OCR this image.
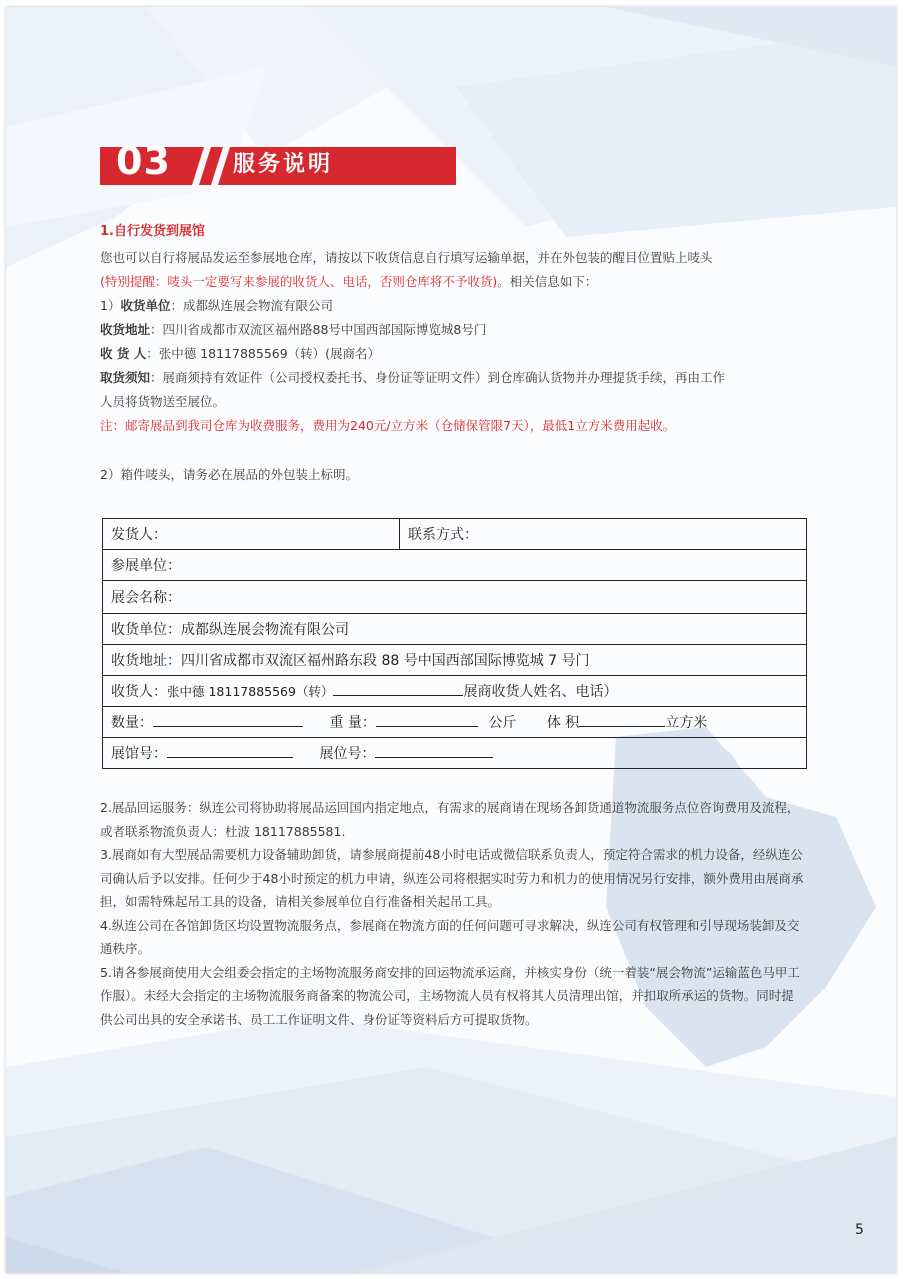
03	服务说明
1.自行发货到展馆
您也可以自行将展品发运至参展地仓库，请按以下收货信息自行填写运输单据，并在外包装的醒目位置贴上唛头
(特别提醒：唛头一定要写来参展的收货人、电话，否则仓库将不予收货)。相关信息如下：
1）收货单位：成都纵连展会物流有限公司
收货地址：四川省成都市双流区福州路88号中国西部国际博览城8号门
收 货 人：张中德 18117885569（转）(展商名）
取货须知：展商须持有效证件（公司授权委托书、身份证等证明文件）到仓库确认货物并办理提货手续，再由工作
人员将货物送至展位。
注：邮寄展品到我司仓库为收费服务，费用为240元/立方米（仓储保管限7天），最低1立方米费用起收。
2）箱件唛头，请务必在展品的外包装上标明。
发货人：	联系方式：
参展单位：
展会名称：
收货单位：成都纵连展会物流有限公司
收货地址：四川省成都市双流区福州路东段 88 号中国西部国际博览城 7 号门
收货人：张中德 18117885569（转）	展商收货人姓名、电话）
数量：	重 量：	公斤 体 积	立方米
展馆号：	展位号：

2.展品回运服务：纵连公司将协助将展品运回国内指定地点，有需求的展商请在现场各卸货通道物流服务点位咨询费用及流程，或者联系物流负责人：杜波 18117885581.

3.展商如有大型展品需要机力设备辅助卸货，请参展商提前48小时电话或微信联系负责人，预定符合需求的机力设备，经纵连公司确认后予以安排。任何少于48小时预定的机力申请，纵连公司将根据实时劳力和机力的使用情况另行安排，额外费用由展商承担，如需特殊起吊工具的设备，请相关参展单位自行准备相关起吊工具。

4.纵连公司在各馆卸货区均设置物流服务点，参展商在物流方面的任何问题可寻求解决，纵连公司有权管理和引导现场装卸及交通秩序。

5.请各参展商使用大会组委会指定的主场物流服务商安排的回运物流承运商，并核实身份（统一着装“展会物流”运输蓝色马甲工作服）。未经大会指定的主场物流服务商备案的物流公司，主场物流人员有权将其人员清理出馆，并扣取所承运的货物。同时提供公司出具的安全承诺书、员工工作证明文件、身份证等资料后方可提取货物。

5
